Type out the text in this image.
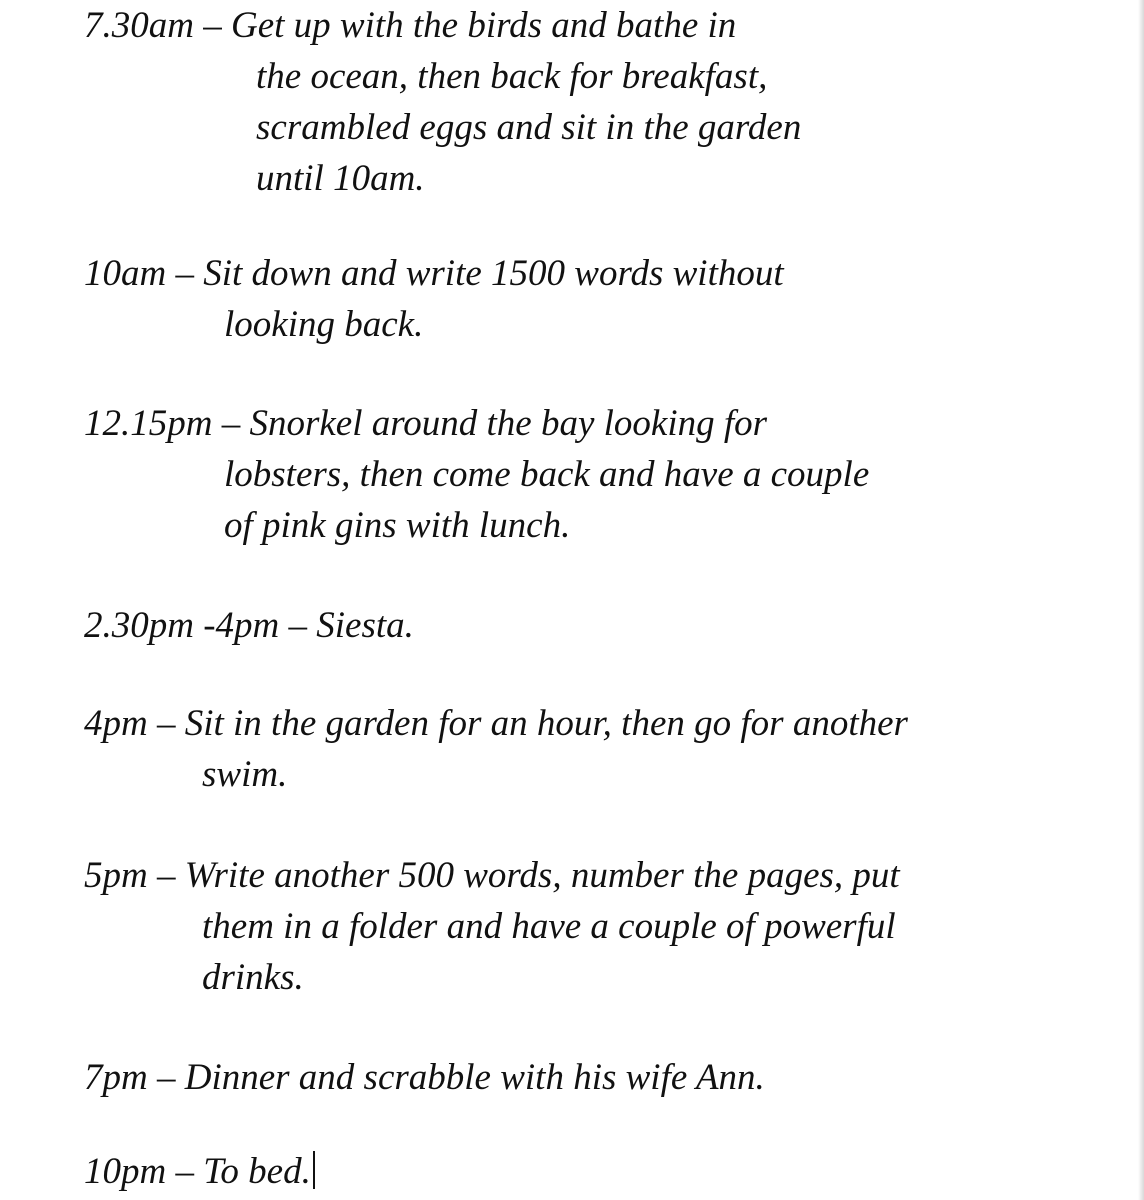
7.30am – Get up with the birds and bathe in
the ocean, then back for breakfast,
scrambled eggs and sit in the garden
until 10am.
10am – Sit down and write 1500 words without
looking back.
12.15pm – Snorkel around the bay looking for
lobsters, then come back and have a couple
of pink gins with lunch.
2.30pm -4pm – Siesta.
4pm – Sit in the garden for an hour, then go for another
swim.
5pm – Write another 500 words, number the pages, put
them in a folder and have a couple of powerful
drinks.
7pm – Dinner and scrabble with his wife Ann.
10pm – To bed.
